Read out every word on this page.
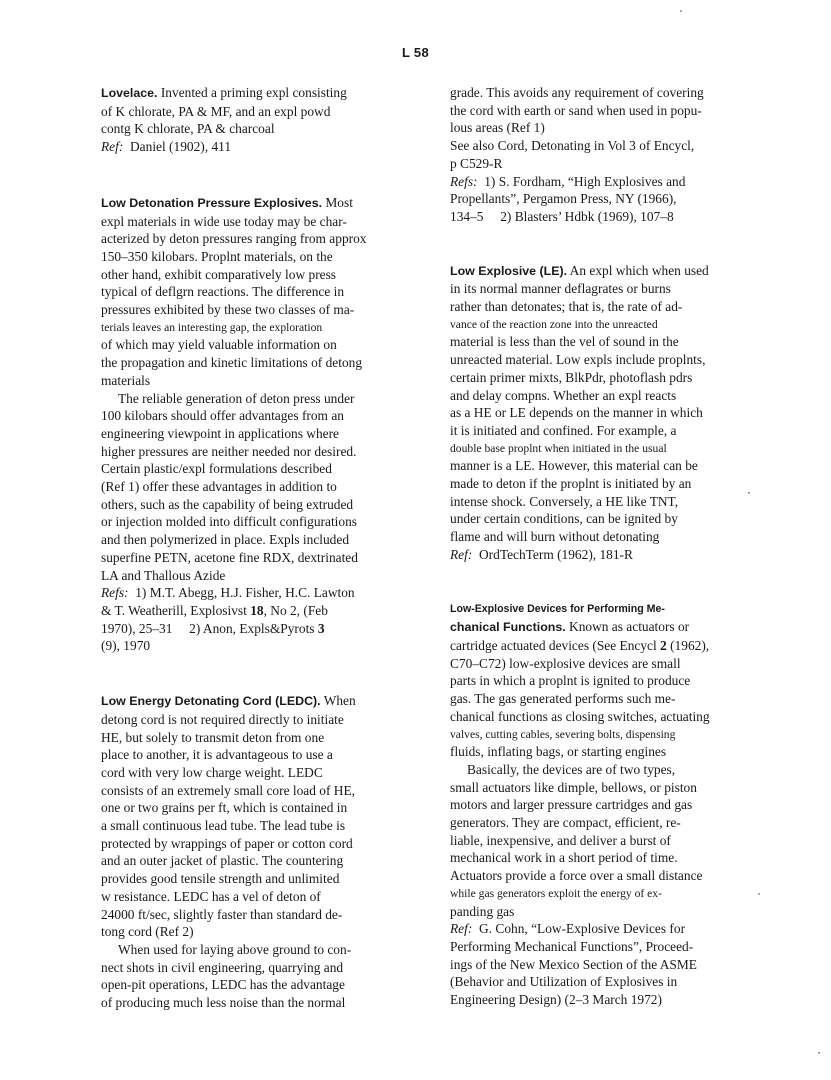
L 58
Lovelace. Invented a priming expl consisting
of K chlorate, PA & MF, and an expl powd
contg K chlorate, PA & charcoal
Ref: Daniel (1902), 411
Low Detonation Pressure Explosives. Most
expl materials in wide use today may be char-
acterized by deton pressures ranging from approx
150–350 kilobars. Proplnt materials, on the
other hand, exhibit comparatively low press
typical of deflgrn reactions. The difference in
pressures exhibited by these two classes of ma-
terials leaves an interesting gap, the exploration
of which may yield valuable information on
the propagation and kinetic limitations of detong
materials
The reliable generation of deton press under
100 kilobars should offer advantages from an
engineering viewpoint in applications where
higher pressures are neither needed nor desired.
Certain plastic/expl formulations described
(Ref 1) offer these advantages in addition to
others, such as the capability of being extruded
or injection molded into difficult configurations
and then polymerized in place. Expls included
superfine PETN, acetone fine RDX, dextrinated
LA and Thallous Azide
Refs: 1) M.T. Abegg, H.J. Fisher, H.C. Lawton
& T. Weatherill, Explosivst 18, No 2, (Feb
1970), 25–31     2) Anon, Expls&Pyrots 3
(9), 1970
Low Energy Detonating Cord (LEDC). When
detong cord is not required directly to initiate
HE, but solely to transmit deton from one
place to another, it is advantageous to use a
cord with very low charge weight. LEDC
consists of an extremely small core load of HE,
one or two grains per ft, which is contained in
a small continuous lead tube. The lead tube is
protected by wrappings of paper or cotton cord
and an outer jacket of plastic. The countering
provides good tensile strength and unlimited
w resistance. LEDC has a vel of deton of
24000 ft/sec, slightly faster than standard de-
tong cord (Ref 2)
When used for laying above ground to con-
nect shots in civil engineering, quarrying and
open-pit operations, LEDC has the advantage
of producing much less noise than the normal
grade. This avoids any requirement of covering
the cord with earth or sand when used in popu-
lous areas (Ref 1)
See also Cord, Detonating in Vol 3 of Encycl,
p C529-R
Refs: 1) S. Fordham, “High Explosives and
Propellants”, Pergamon Press, NY (1966),
134–5     2) Blasters’ Hdbk (1969), 107–8
Low Explosive (LE). An expl which when used
in its normal manner deflagrates or burns
rather than detonates; that is, the rate of ad-
vance of the reaction zone into the unreacted
material is less than the vel of sound in the
unreacted material. Low expls include proplnts,
certain primer mixts, BlkPdr, photoflash pdrs
and delay compns. Whether an expl reacts
as a HE or LE depends on the manner in which
it is initiated and confined. For example, a
double base proplnt when initiated in the usual
manner is a LE. However, this material can be
made to deton if the proplnt is initiated by an
intense shock. Conversely, a HE like TNT,
under certain conditions, can be ignited by
flame and will burn without detonating
Ref: OrdTechTerm (1962), 181-R
Low-Explosive Devices for Performing Me-
chanical Functions. Known as actuators or
cartridge actuated devices (See Encycl 2 (1962),
C70–C72) low-explosive devices are small
parts in which a proplnt is ignited to produce
gas. The gas generated performs such me-
chanical functions as closing switches, actuating
valves, cutting cables, severing bolts, dispensing
fluids, inflating bags, or starting engines
Basically, the devices are of two types,
small actuators like dimple, bellows, or piston
motors and larger pressure cartridges and gas
generators. They are compact, efficient, re-
liable, inexpensive, and deliver a burst of
mechanical work in a short period of time.
Actuators provide a force over a small distance
while gas generators exploit the energy of ex-
panding gas
Ref: G. Cohn, “Low-Explosive Devices for
Performing Mechanical Functions”, Proceed-
ings of the New Mexico Section of the ASME
(Behavior and Utilization of Explosives in
Engineering Design) (2–3 March 1972)
